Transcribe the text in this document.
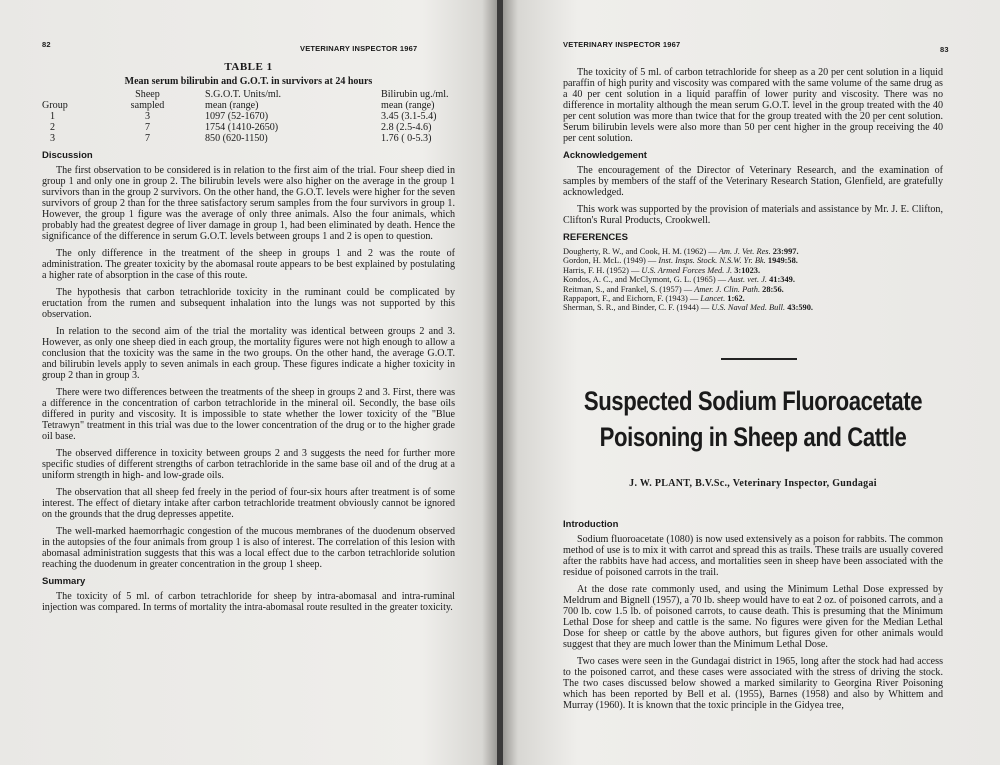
82	VETERINARY INSPECTOR 1967
TABLE 1
Mean serum bilirubin and G.O.T. in survivors at 24 hours
	Sheep	S.G.O.T. Units/ml.	Bilirubin ug./ml.
Group	sampled	mean (range)	mean (range)
1	3	1097 (52-1670)	3.45 (3.1-5.4)
2	7	1754 (1410-2650)	2.8 (2.5-4.6)
3	7	850 (620-1150)	1.76 ( 0-5.3)
Discussion

The first observation to be considered is in relation to the first aim of the trial. Four sheep died in group 1 and only one in group 2. The bilirubin levels were also higher on the average in the group 1 survivors than in the group 2 survivors. On the other hand, the G.O.T. levels were higher for the seven survivors of group 2 than for the three satisfactory serum samples from the four survivors in group 1. However, the group 1 figure was the average of only three animals. Also the four animals, which probably had the greatest degree of liver damage in group 1, had been eliminated by death. Hence the significance of the difference in serum G.O.T. levels between groups 1 and 2 is open to question.

The only difference in the treatment of the sheep in groups 1 and 2 was the route of administration. The greater toxicity by the abomasal route appears to be best explained by postulating a higher rate of absorption in the case of this route.

The hypothesis that carbon tetrachloride toxicity in the ruminant could be complicated by eructation from the rumen and subsequent inhalation into the lungs was not supported by this observation.

In relation to the second aim of the trial the mortality was identical between groups 2 and 3. However, as only one sheep died in each group, the mortality figures were not high enough to allow a conclusion that the toxicity was the same in the two groups. On the other hand, the average G.O.T. and bilirubin levels apply to seven animals in each group. These figures indicate a higher toxicity in group 2 than in group 3.

There were two differences between the treatments of the sheep in groups 2 and 3. First, there was a difference in the concentration of carbon tetrachloride in the mineral oil. Secondly, the base oils differed in purity and viscosity. It is impossible to state whether the lower toxicity of the "Blue Tetrawyn" treatment in this trial was due to the lower concentration of the drug or to the higher grade oil base.

The observed difference in toxicity between groups 2 and 3 suggests the need for further more specific studies of different strengths of carbon tetrachloride in the same base oil and of the drug at a uniform strength in high- and low-grade oils.

The observation that all sheep fed freely in the period of four-six hours after treatment is of some interest. The effect of dietary intake after carbon tetrachloride treatment obviously cannot be ignored on the grounds that the drug depresses appetite.

The well-marked haemorrhagic congestion of the mucous membranes of the duodenum observed in the autopsies of the four animals from group 1 is also of interest. The correlation of this lesion with abomasal administration suggests that this was a local effect due to the carbon tetrachloride solution reaching the duodenum in greater concentration in the group 1 sheep.

Summary

The toxicity of 5 ml. of carbon tetrachloride for sheep by intra-abomasal and intra-ruminal injection was compared. In terms of mortality the intra-abomasal route resulted in the greater toxicity.

VETERINARY INSPECTOR 1967
83

The toxicity of 5 ml. of carbon tetrachloride for sheep as a 20 per cent solution in a liquid paraffin of high purity and viscosity was compared with the same volume of the same drug as a 40 per cent solution in a liquid paraffin of lower purity and viscosity. There was no difference in mortality although the mean serum G.O.T. level in the group treated with the 40 per cent solution was more than twice that for the group treated with the 20 per cent solution. Serum bilirubin levels were also more than 50 per cent higher in the group receiving the 40 per cent solution.

Acknowledgement

The encouragement of the Director of Veterinary Research, and the examination of samples by members of the staff of the Veterinary Research Station, Glenfield, are gratefully acknowledged.

This work was supported by the provision of materials and assistance by Mr. J. E. Clifton, Clifton's Rural Products, Crookwell.

REFERENCES
Dougherty, R. W., and Cook, H. M. (1962) — Am. J. Vet. Res. 23:997.
Gordon, H. McL. (1949) — Inst. Insps. Stock. N.S.W. Yr. Bk. 1949:58.
Harris, F. H. (1952) — U.S. Armed Forces Med. J. 3:1023.
Kondos, A. C., and McClymont, G. L. (1965) — Aust. vet. J. 41:349.
Reitman, S., and Frankel, S. (1957) — Amer. J. Clin. Path. 28:56.
Rappaport, F., and Eichorn, F. (1943) — Lancet. 1:62.
Sherman, S. R., and Binder, C. F. (1944) — U.S. Naval Med. Bull. 43:590.
Suspected Sodium Fluoroacetate
Poisoning in Sheep and Cattle
J. W. PLANT, B.V.Sc., Veterinary Inspector, Gundagai
Introduction

Sodium fluoroacetate (1080) is now used extensively as a poison for rabbits. The common method of use is to mix it with carrot and spread this as trails. These trails are usually covered after the rabbits have had access, and mortalities seen in sheep have been associated with the residue of poisoned carrots in the trail.

At the dose rate commonly used, and using the Minimum Lethal Dose expressed by Meldrum and Bignell (1957), a 70 lb. sheep would have to eat 2 oz. of poisoned carrots, and a 700 lb. cow 1.5 lb. of poisoned carrots, to cause death. This is presuming that the Minimum Lethal Dose for sheep and cattle is the same. No figures were given for the Median Lethal Dose for sheep or cattle by the above authors, but figures given for other animals would suggest that they are much lower than the Minimum Lethal Dose.

Two cases were seen in the Gundagai district in 1965, long after the stock had had access to the poisoned carrot, and these cases were associated with the stress of driving the stock. The two cases discussed below showed a marked similarity to Georgina River Poisoning which has been reported by Bell et al. (1955), Barnes (1958) and also by Whittem and Murray (1960). It is known that the toxic principle in the Gidyea tree,
